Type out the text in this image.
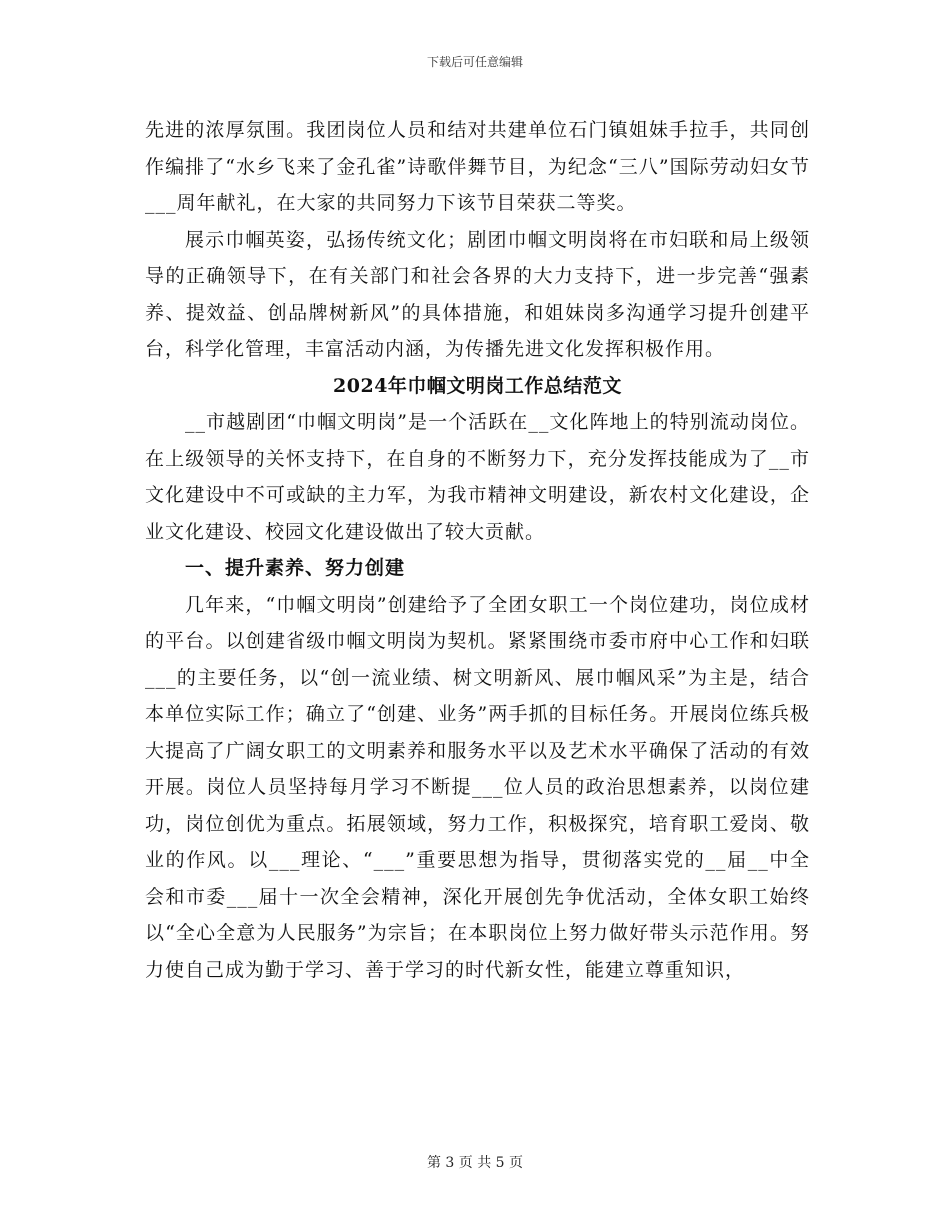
下载后可任意编辑

先进的浓厚氛围。我团岗位人员和结对共建单位石门镇姐妹手拉手，共同创作编排了“水乡飞来了金孔雀”诗歌伴舞节目，为纪念“三八”国际劳动妇女节___周年献礼，在大家的共同努力下该节目荣获二等奖。

展示巾帼英姿，弘扬传统文化；剧团巾帼文明岗将在市妇联和局上级领导的正确领导下，在有关部门和社会各界的大力支持下，进一步完善“强素养、提效益、创品牌树新风”的具体措施，和姐妹岗多沟通学习提升创建平台，科学化管理，丰富活动内涵，为传播先进文化发挥积极作用。

2024年巾帼文明岗工作总结范文

__市越剧团“巾帼文明岗”是一个活跃在__文化阵地上的特别流动岗位。在上级领导的关怀支持下，在自身的不断努力下，充分发挥技能成为了__市文化建设中不可或缺的主力军，为我市精神文明建设，新农村文化建设，企业文化建设、校园文化建设做出了较大贡献。

一、提升素养、努力创建

几年来，“巾帼文明岗”创建给予了全团女职工一个岗位建功，岗位成材的平台。以创建省级巾帼文明岗为契机。紧紧围绕市委市府中心工作和妇联___的主要任务，以“创一流业绩、树文明新风、展巾帼风采”为主是，结合本单位实际工作；确立了“创建、业务”两手抓的目标任务。开展岗位练兵极大提高了广阔女职工的文明素养和服务水平以及艺术水平确保了活动的有效开展。岗位人员坚持每月学习不断提___位人员的政治思想素养，以岗位建功，岗位创优为重点。拓展领域，努力工作，积极探究，培育职工爱岗、敬业的作风。以___理论、“___”重要思想为指导，贯彻落实党的__届__中全会和市委___届十一次全会精神，深化开展创先争优活动，全体女职工始终以“全心全意为人民服务”为宗旨；在本职岗位上努力做好带头示范作用。努力使自己成为勤于学习、善于学习的时代新女性，能建立尊重知识，

第 3 页 共 5 页
